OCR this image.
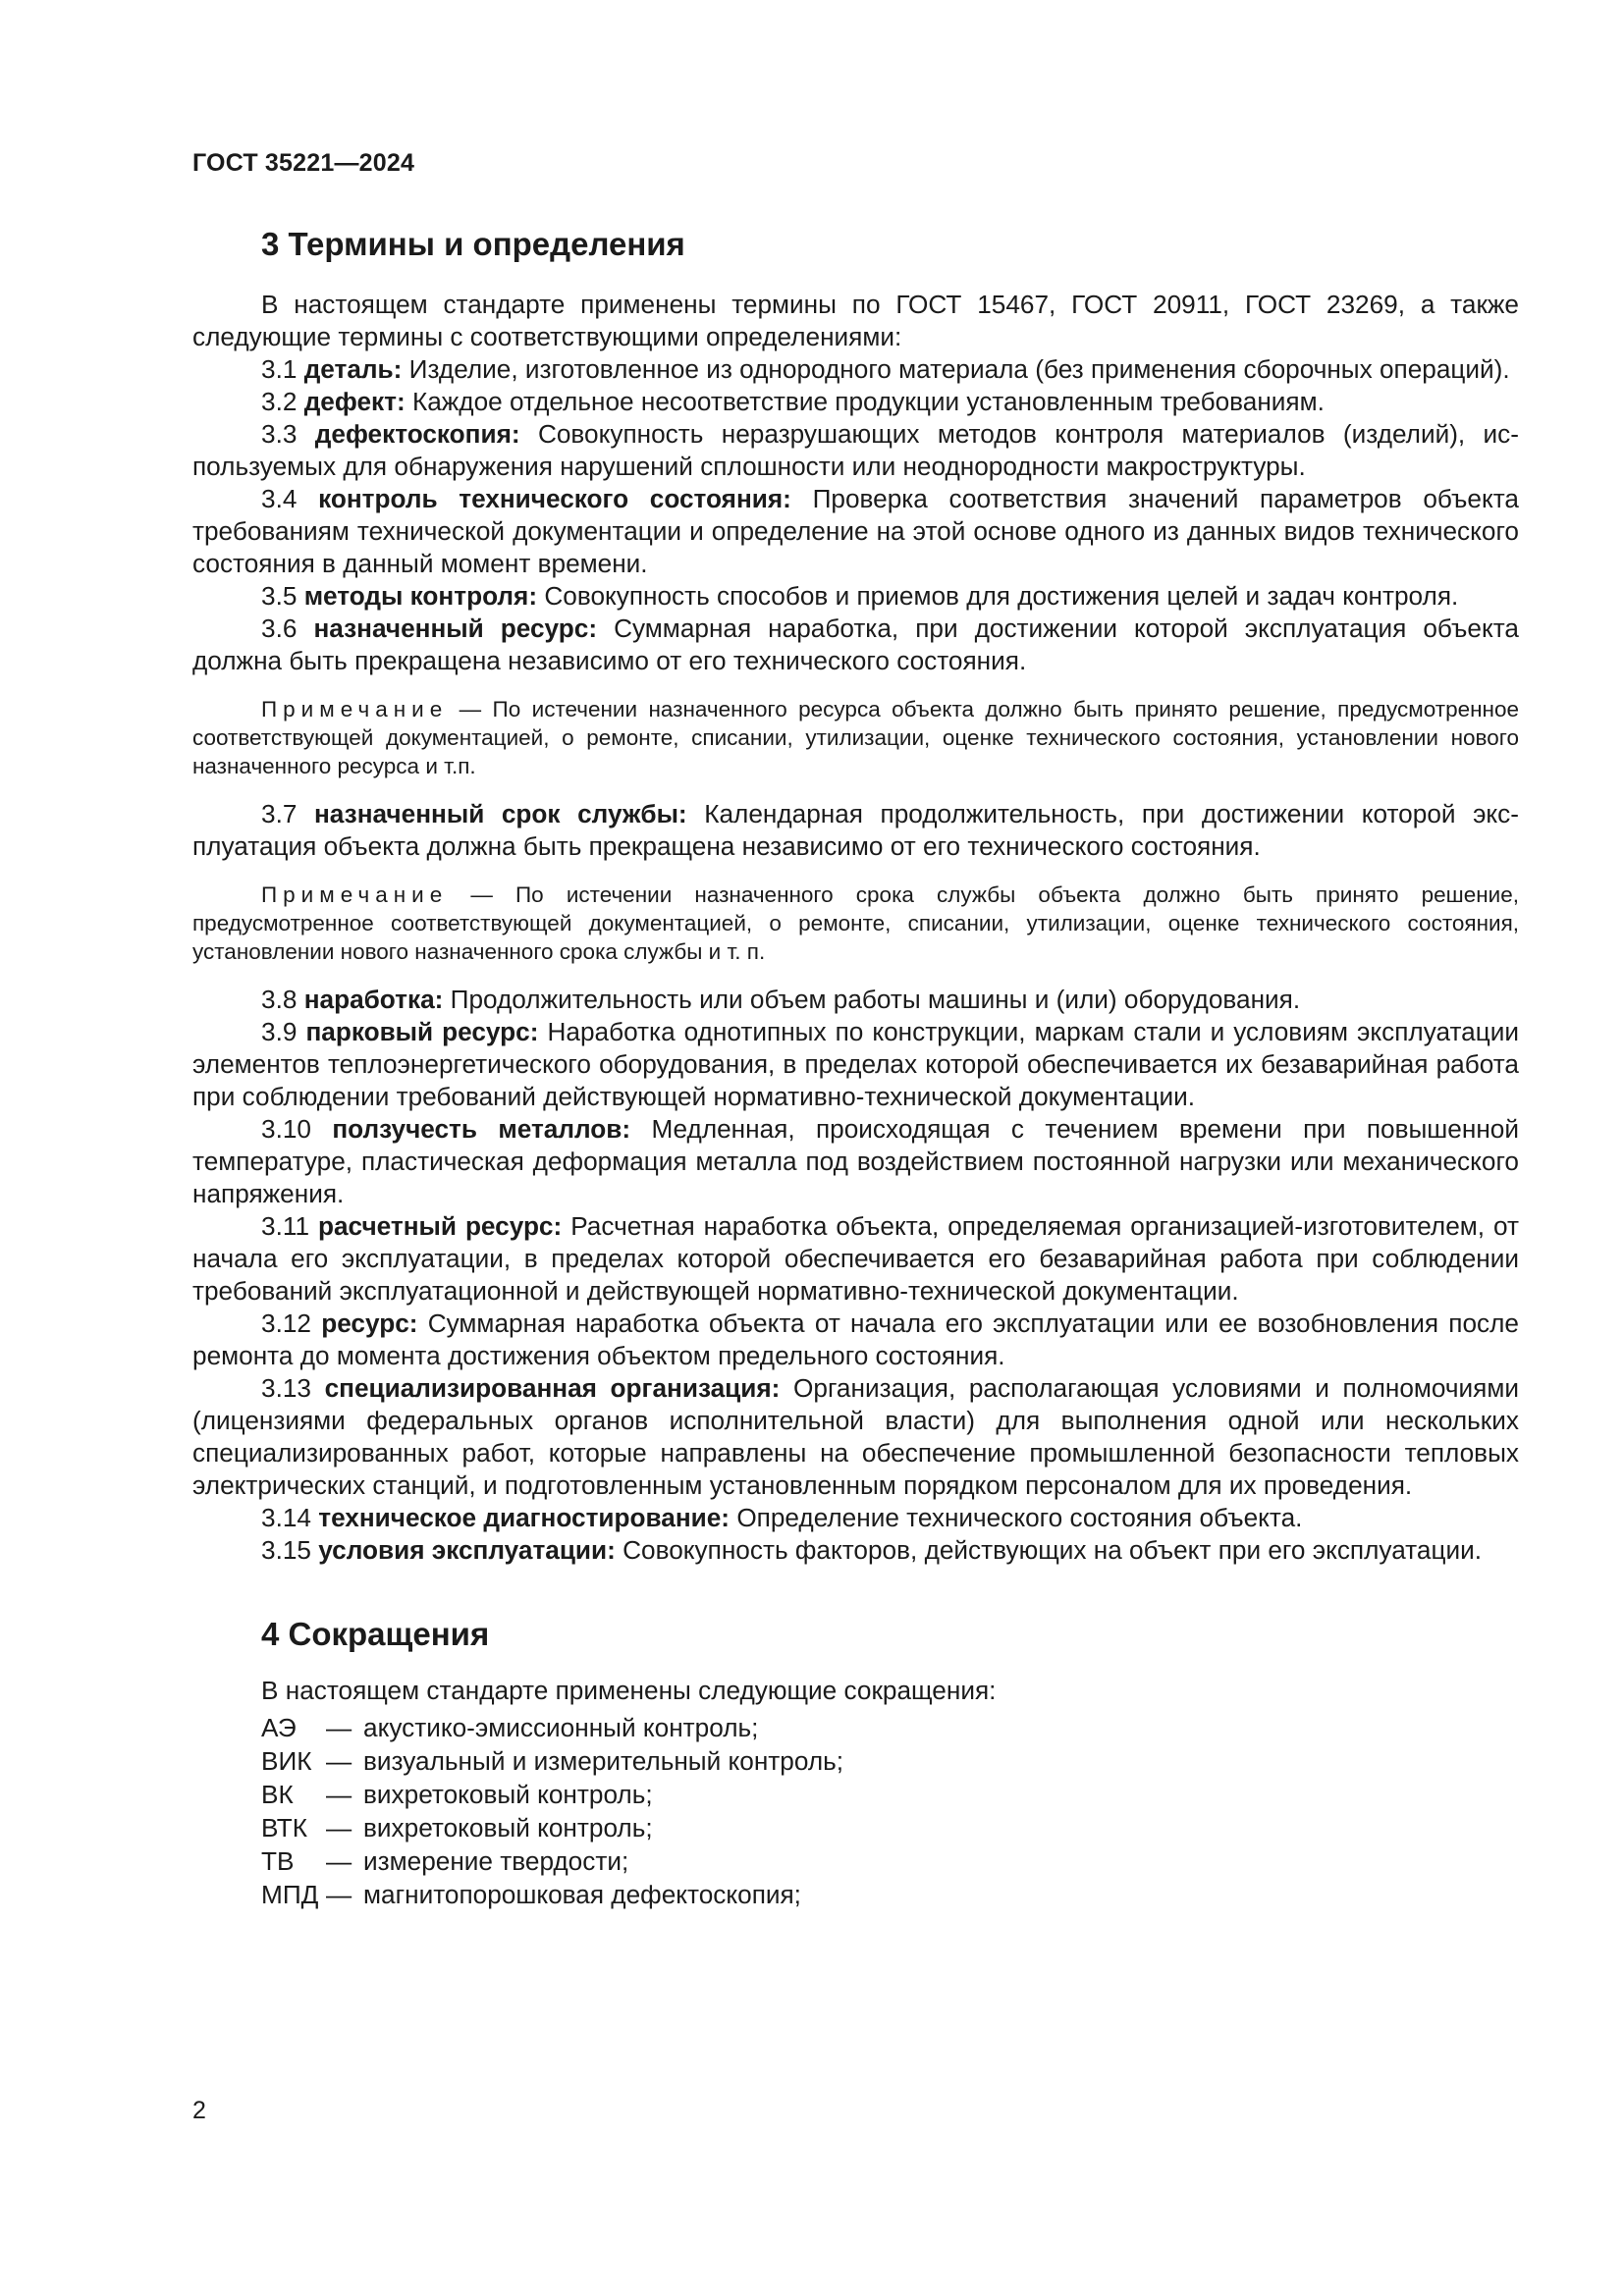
ГОСТ 35221—2024
3 Термины и определения

В настоящем стандарте применены термины по ГОСТ 15467, ГОСТ 20911, ГОСТ 23269, а также следующие термины с соответствующими определениями:

3.1 деталь: Изделие, изготовленное из однородного материала (без применения сборочных операций).

3.2 дефект: Каждое отдельное несоответствие продукции установленным требованиям.

3.3 дефектоскопия: Совокупность неразрушающих методов контроля материалов (изделий), используемых для обнаружения нарушений сплошности или неоднородности макроструктуры.

3.4 контроль технического состояния: Проверка соответствия значений параметров объекта требованиям технической документации и определение на этой основе одного из данных видов технического состояния в данный момент времени.

3.5 методы контроля: Совокупность способов и приемов для достижения целей и задач контроля.

3.6 назначенный ресурс: Суммарная наработка, при достижении которой эксплуатация объекта должна быть прекращена независимо от его технического состояния.

Примечание — По истечении назначенного ресурса объекта должно быть принято решение, предусмотренное соответствующей документацией, о ремонте, списании, утилизации, оценке технического состояния, установлении нового назначенного ресурса и т.п.

3.7 назначенный срок службы: Календарная продолжительность, при достижении которой эксплуатация объекта должна быть прекращена независимо от его технического состояния.

Примечание — По истечении назначенного срока службы объекта должно быть принято решение, предусмотренное соответствующей документацией, о ремонте, списании, утилизации, оценке технического состояния, установлении нового назначенного срока службы и т. п.

3.8 наработка: Продолжительность или объем работы машины и (или) оборудования.

3.9 парковый ресурс: Наработка однотипных по конструкции, маркам стали и условиям эксплуатации элементов теплоэнергетического оборудования, в пределах которой обеспечивается их безаварийная работа при соблюдении требований действующей нормативно-технической документации.

3.10 ползучесть металлов: Медленная, происходящая с течением времени при повышенной температуре, пластическая деформация металла под воздействием постоянной нагрузки или механического напряжения.

3.11 расчетный ресурс: Расчетная наработка объекта, определяемая организацией-изготовителем, от начала его эксплуатации, в пределах которой обеспечивается его безаварийная работа при соблюдении требований эксплуатационной и действующей нормативно-технической документации.

3.12 ресурс: Суммарная наработка объекта от начала его эксплуатации или ее возобновления после ремонта до момента достижения объектом предельного состояния.

3.13 специализированная организация: Организация, располагающая условиями и полномочиями (лицензиями федеральных органов исполнительной власти) для выполнения одной или нескольких специализированных работ, которые направлены на обеспечение промышленной безопасности тепловых электрических станций, и подготовленным установленным порядком персоналом для их проведения.

3.14 техническое диагностирование: Определение технического состояния объекта.

3.15 условия эксплуатации: Совокупность факторов, действующих на объект при его эксплуатации.

4 Сокращения

В настоящем стандарте применены следующие сокращения:

АЭ	— акустико-эмиссионный контроль;
ВИК — визуальный и измерительный контроль;
ВК	— вихретоковый контроль;
ВТК — вихретоковый контроль;
ТВ	— измерение твердости;
МПД — магнитопорошковая дефектоскопия;
2
